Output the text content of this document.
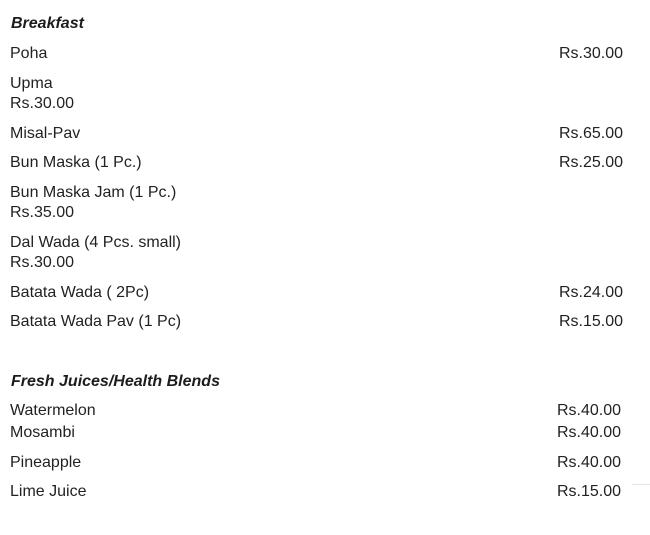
Breakfast
Poha	Rs.30.00
Upma
Rs.30.00
Misal-Pav	Rs.65.00
Bun Maska (1 Pc.)	Rs.25.00
Bun Maska Jam (1 Pc.)
Rs.35.00
Dal Wada (4 Pcs. small)
Rs.30.00
Batata Wada ( 2Pc)	Rs.24.00
Batata Wada Pav (1 Pc)	Rs.15.00
Fresh Juices/Health Blends
Watermelon	Rs.40.00
Mosambi	Rs.40.00
Pineapple	Rs.40.00
Lime Juice	Rs.15.00
